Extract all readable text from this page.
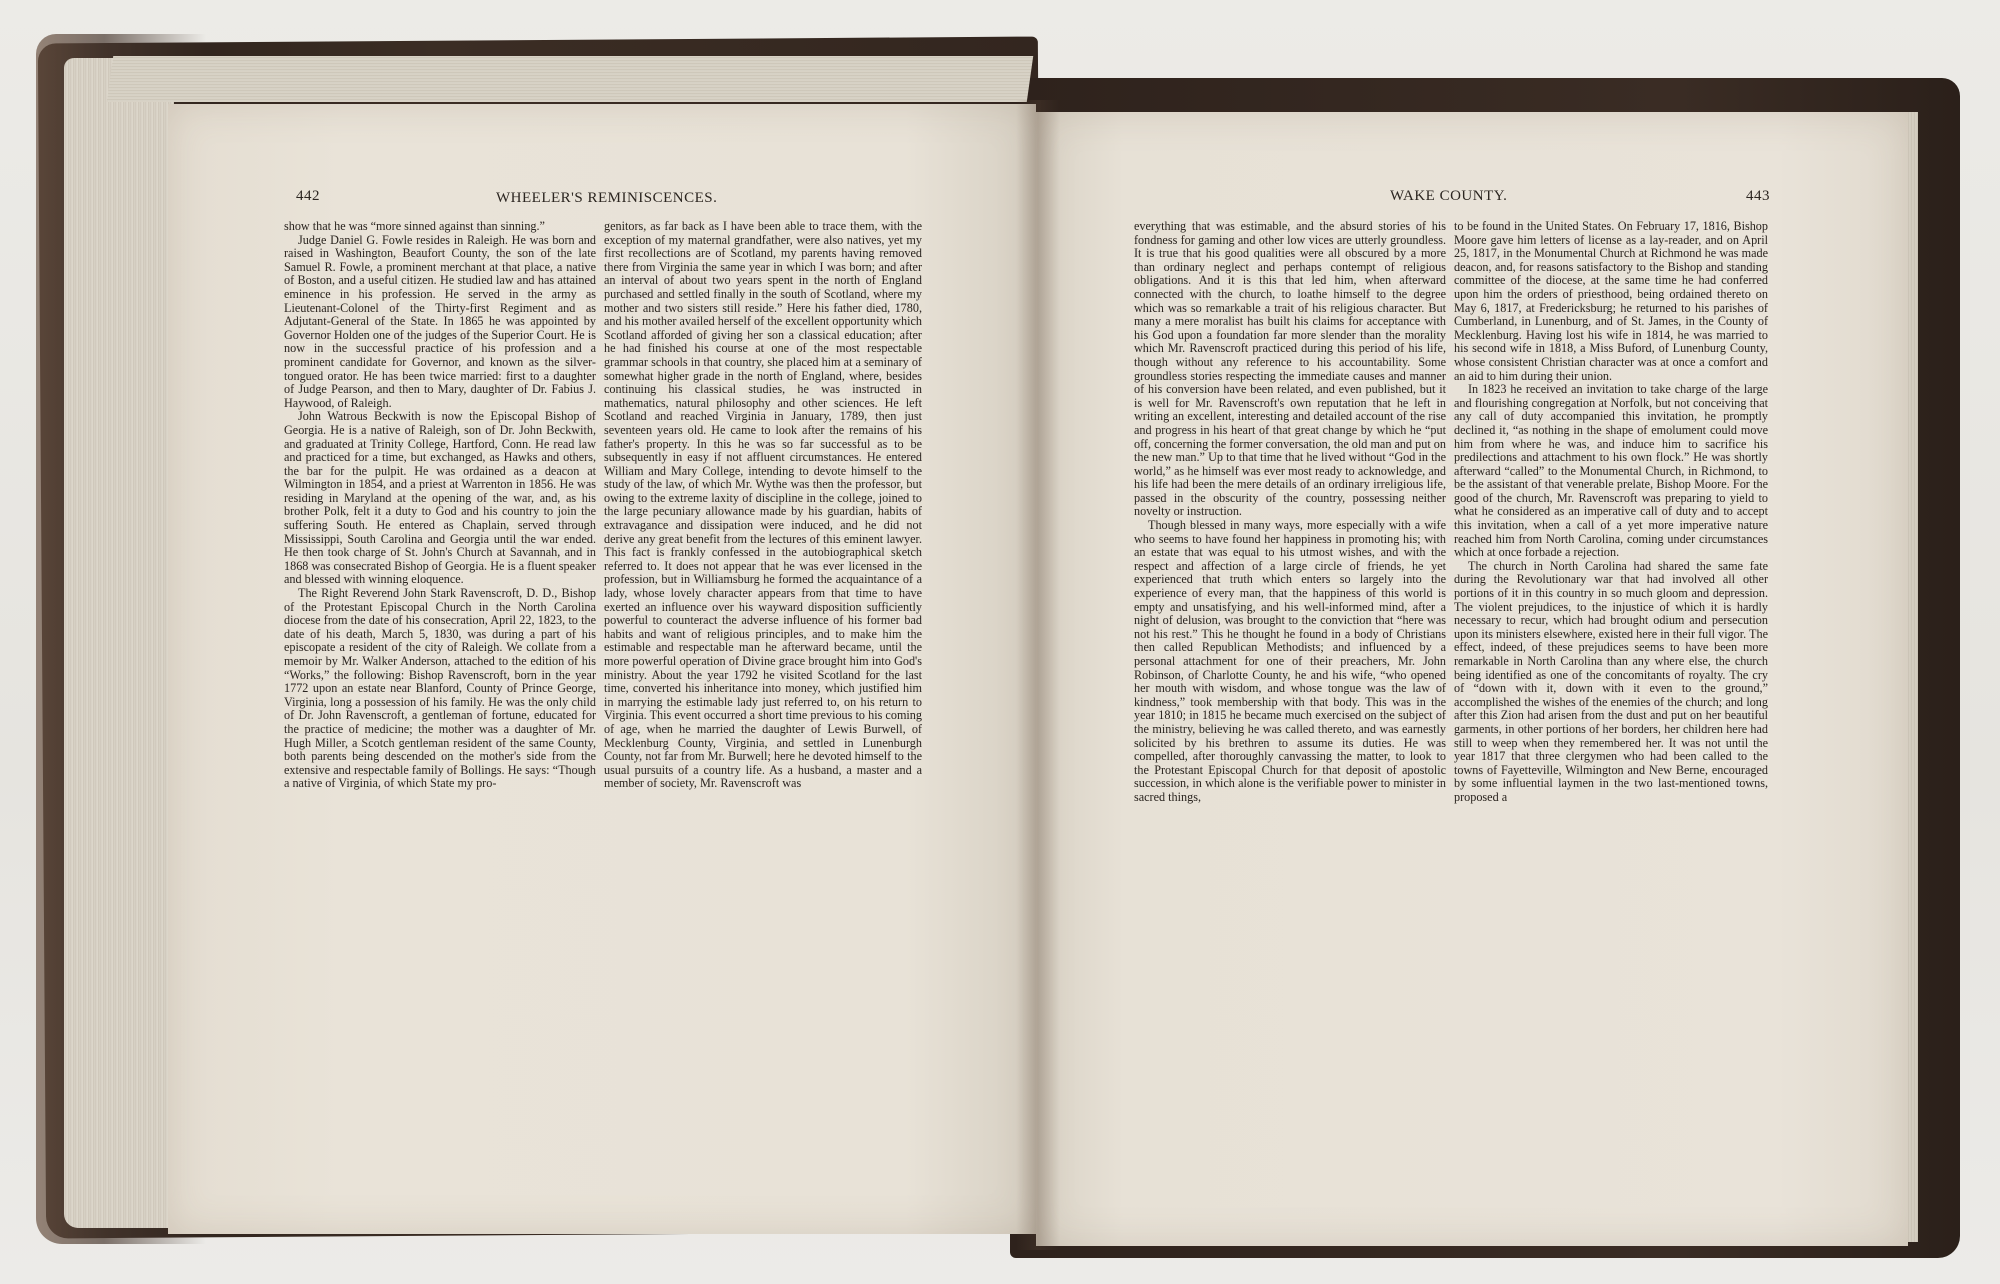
442	WHEELER'S REMINISCENCES.	WAKE COUNTY.	443

show that he was “more sinned against than sinning.”

Judge Daniel G. Fowle resides in Raleigh. He was born and raised in Washington, Beaufort County, the son of the late Samuel R. Fowle, a prominent merchant at that place, a native of Boston, and a useful citizen. He studied law and has attained eminence in his profession. He served in the army as Lieutenant-Colonel of the Thirty-first Regiment and as Adjutant-General of the State. In 1865 he was appointed by Governor Holden one of the judges of the Superior Court. He is now in the successful practice of his profession and a prominent candidate for Governor, and known as the silver-tongued orator. He has been twice married: first to a daughter of Judge Pearson, and then to Mary, daughter of Dr. Fabius J. Haywood, of Raleigh.

John Watrous Beckwith is now the Episcopal Bishop of Georgia. He is a native of Raleigh, son of Dr. John Beckwith, and graduated at Trinity College, Hartford, Conn. He read law and practiced for a time, but exchanged, as Hawks and others, the bar for the pulpit. He was ordained as a deacon at Wilmington in 1854, and a priest at Warrenton in 1856. He was residing in Maryland at the opening of the war, and, as his brother Polk, felt it a duty to God and his country to join the suffering South. He entered as Chaplain, served through Mississippi, South Carolina and Georgia until the war ended. He then took charge of St. John's Church at Savannah, and in 1868 was consecrated Bishop of Georgia. He is a fluent speaker and blessed with winning eloquence.

The Right Reverend John Stark Ravenscroft, D. D., Bishop of the Protestant Episcopal Church in the North Carolina diocese from the date of his consecration, April 22, 1823, to the date of his death, March 5, 1830, was during a part of his episcopate a resident of the city of Raleigh. We collate from a memoir by Mr. Walker Anderson, attached to the edition of his “Works,” the following: Bishop Ravenscroft, born in the year 1772 upon an estate near Blanford, County of Prince George, Virginia, long a possession of his family. He was the only child of Dr. John Ravenscroft, a gentleman of fortune, educated for the practice of medicine; the mother was a daughter of Mr. Hugh Miller, a Scotch gentleman resident of the same County, both parents being descended on the mother's side from the extensive and respectable family of Bollings. He says: “Though a native of Virginia, of which State my pro-

genitors, as far back as I have been able to trace them, with the exception of my maternal grandfather, were also natives, yet my first recollections are of Scotland, my parents having removed there from Virginia the same year in which I was born; and after an interval of about two years spent in the north of England purchased and settled finally in the south of Scotland, where my mother and two sisters still reside.” Here his father died, 1780, and his mother availed herself of the excellent opportunity which Scotland afforded of giving her son a classical education; after he had finished his course at one of the most respectable grammar schools in that country, she placed him at a seminary of somewhat higher grade in the north of England, where, besides continuing his classical studies, he was instructed in mathematics, natural philosophy and other sciences. He left Scotland and reached Virginia in January, 1789, then just seventeen years old. He came to look after the remains of his father's property. In this he was so far successful as to be subsequently in easy if not affluent circumstances. He entered William and Mary College, intending to devote himself to the study of the law, of which Mr. Wythe was then the professor, but owing to the extreme laxity of discipline in the college, joined to the large pecuniary allowance made by his guardian, habits of extravagance and dissipation were induced, and he did not derive any great benefit from the lectures of this eminent lawyer. This fact is frankly confessed in the autobiographical sketch referred to. It does not appear that he was ever licensed in the profession, but in Williamsburg he formed the acquaintance of a lady, whose lovely character appears from that time to have exerted an influence over his wayward disposition sufficiently powerful to counteract the adverse influence of his former bad habits and want of religious principles, and to make him the estimable and respectable man he afterward became, until the more powerful operation of Divine grace brought him into God's ministry. About the year 1792 he visited Scotland for the last time, converted his inheritance into money, which justified him in marrying the estimable lady just referred to, on his return to Virginia. This event occurred a short time previous to his coming of age, when he married the daughter of Lewis Burwell, of Mecklenburg County, Virginia, and settled in Lunenburgh County, not far from Mr. Burwell; here he devoted himself to the usual pursuits of a country life. As a husband, a master and a member of society, Mr. Ravenscroft was

everything that was estimable, and the absurd stories of his fondness for gaming and other low vices are utterly groundless. It is true that his good qualities were all obscured by a more than ordinary neglect and perhaps contempt of religious obligations. And it is this that led him, when afterward connected with the church, to loathe himself to the degree which was so remarkable a trait of his religious character. But many a mere moralist has built his claims for acceptance with his God upon a foundation far more slender than the morality which Mr. Ravenscroft practiced during this period of his life, though without any reference to his accountability. Some groundless stories respecting the immediate causes and manner of his conversion have been related, and even published, but it is well for Mr. Ravenscroft's own reputation that he left in writing an excellent, interesting and detailed account of the rise and progress in his heart of that great change by which he “put off, concerning the former conversation, the old man and put on the new man.” Up to that time that he lived without “God in the world,” as he himself was ever most ready to acknowledge, and his life had been the mere details of an ordinary irreligious life, passed in the obscurity of the country, possessing neither novelty or instruction.

Though blessed in many ways, more especially with a wife who seems to have found her happiness in promoting his; with an estate that was equal to his utmost wishes, and with the respect and affection of a large circle of friends, he yet experienced that truth which enters so largely into the experience of every man, that the happiness of this world is empty and unsatisfying, and his well-informed mind, after a night of delusion, was brought to the conviction that “here was not his rest.” This he thought he found in a body of Christians then called Republican Methodists; and influenced by a personal attachment for one of their preachers, Mr. John Robinson, of Charlotte County, he and his wife, “who opened her mouth with wisdom, and whose tongue was the law of kindness,” took membership with that body. This was in the year 1810; in 1815 he became much exercised on the subject of the ministry, believing he was called thereto, and was earnestly solicited by his brethren to assume its duties. He was compelled, after thoroughly canvassing the matter, to look to the Protestant Episcopal Church for that deposit of apostolic succession, in which alone is the verifiable power to minister in sacred things,

to be found in the United States. On February 17, 1816, Bishop Moore gave him letters of license as a lay-reader, and on April 25, 1817, in the Monumental Church at Richmond he was made deacon, and, for reasons satisfactory to the Bishop and standing committee of the diocese, at the same time he had conferred upon him the orders of priesthood, being ordained thereto on May 6, 1817, at Fredericksburg; he returned to his parishes of Cumberland, in Lunenburg, and of St. James, in the County of Mecklenburg. Having lost his wife in 1814, he was married to his second wife in 1818, a Miss Buford, of Lunenburg County, whose consistent Christian character was at once a comfort and an aid to him during their union.

In 1823 he received an invitation to take charge of the large and flourishing congregation at Norfolk, but not conceiving that any call of duty accompanied this invitation, he promptly declined it, “as nothing in the shape of emolument could move him from where he was, and induce him to sacrifice his predilections and attachment to his own flock.” He was shortly afterward “called” to the Monumental Church, in Richmond, to be the assistant of that venerable prelate, Bishop Moore. For the good of the church, Mr. Ravenscroft was preparing to yield to what he considered as an imperative call of duty and to accept this invitation, when a call of a yet more imperative nature reached him from North Carolina, coming under circumstances which at once forbade a rejection.

The church in North Carolina had shared the same fate during the Revolutionary war that had involved all other portions of it in this country in so much gloom and depression. The violent prejudices, to the injustice of which it is hardly necessary to recur, which had brought odium and persecution upon its ministers elsewhere, existed here in their full vigor. The effect, indeed, of these prejudices seems to have been more remarkable in North Carolina than any where else, the church being identified as one of the concomitants of royalty. The cry of “down with it, down with it even to the ground,” accomplished the wishes of the enemies of the church; and long after this Zion had arisen from the dust and put on her beautiful garments, in other portions of her borders, her children here had still to weep when they remembered her. It was not until the year 1817 that three clergymen who had been called to the towns of Fayetteville, Wilmington and New Berne, encouraged by some influential laymen in the two last-mentioned towns, proposed a
